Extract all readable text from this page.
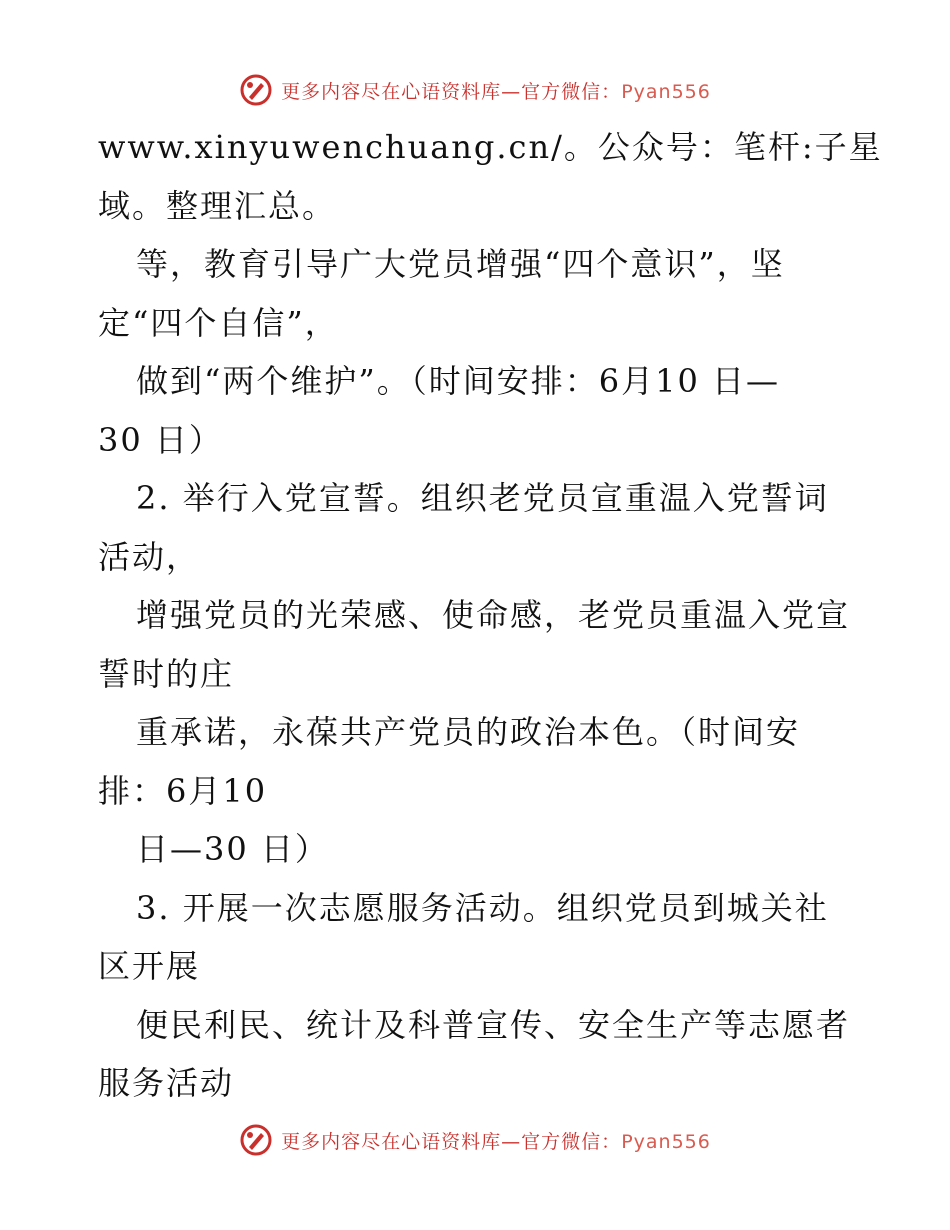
更多内容尽在心语资料库—官方微信：Pyan556
www.xinyuwenchuang.cn/。公众号：笔杆:子星
域。整理汇总。
等，教育引导广大党员增强“四个意识”，坚
定“四个自信”，
做到“两个维护”。（时间安排：6月10 日—
30 日）
2. 举行入党宣誓。组织老党员宣重温入党誓词
活动，
增强党员的光荣感、使命感，老党员重温入党宣
誓时的庄
重承诺，永葆共产党员的政治本色。（时间安
排：6月10
日—30 日）
3. 开展一次志愿服务活动。组织党员到城关社
区开展
便民利民、统计及科普宣传、安全生产等志愿者
服务活动
更多内容尽在心语资料库—官方微信：Pyan556
